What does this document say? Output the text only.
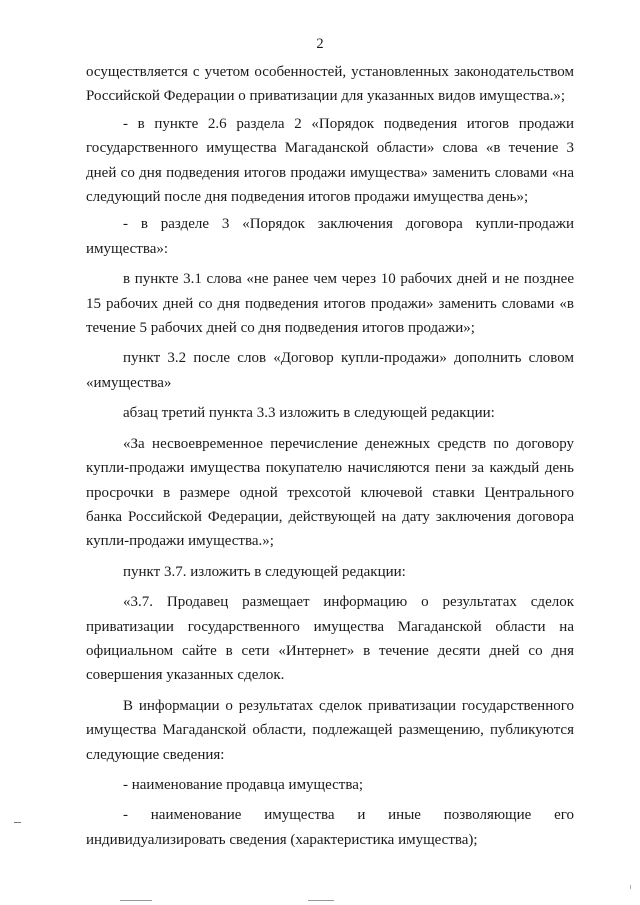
2
осуществляется с учетом особенностей, установленных законодательством
Российской Федерации о приватизации для указанных видов имущества.»;
- в пункте 2.6 раздела 2 «Порядок подведения итогов продажи
государственного имущества Магаданской области» слова «в течение 3
дней со дня подведения итогов продажи имущества» заменить словами «на
следующий после дня подведения итогов продажи имущества день»;
- в разделе 3 «Порядок заключения договора купли-продажи
имущества»:
в пункте 3.1 слова «не ранее чем через 10 рабочих дней и не позднее
15 рабочих дней со дня подведения итогов продажи» заменить словами «в
течение 5 рабочих дней со дня подведения итогов продажи»;
пункт 3.2 после слов «Договор купли-продажи» дополнить словом
«имущества»
абзац третий пункта 3.3 изложить в следующей редакции:
«За несвоевременное перечисление денежных средств по договору
купли-продажи имущества покупателю начисляются пени за каждый день
просрочки в размере одной трехсотой ключевой ставки Центрального
банка Российской Федерации, действующей на дату заключения договора
купли-продажи имущества.»;
пункт 3.7. изложить в следующей редакции:
«3.7. Продавец размещает информацию о результатах сделок
приватизации государственного имущества Магаданской области на
официальном сайте в сети «Интернет» в течение десяти дней со дня
совершения указанных сделок.
В информации о результатах сделок приватизации государственного
имущества Магаданской области, подлежащей размещению, публикуются
следующие сведения:
- наименование продавца имущества;
- наименование имущества и иные позволяющие его
индивидуализировать сведения (характеристика имущества);
